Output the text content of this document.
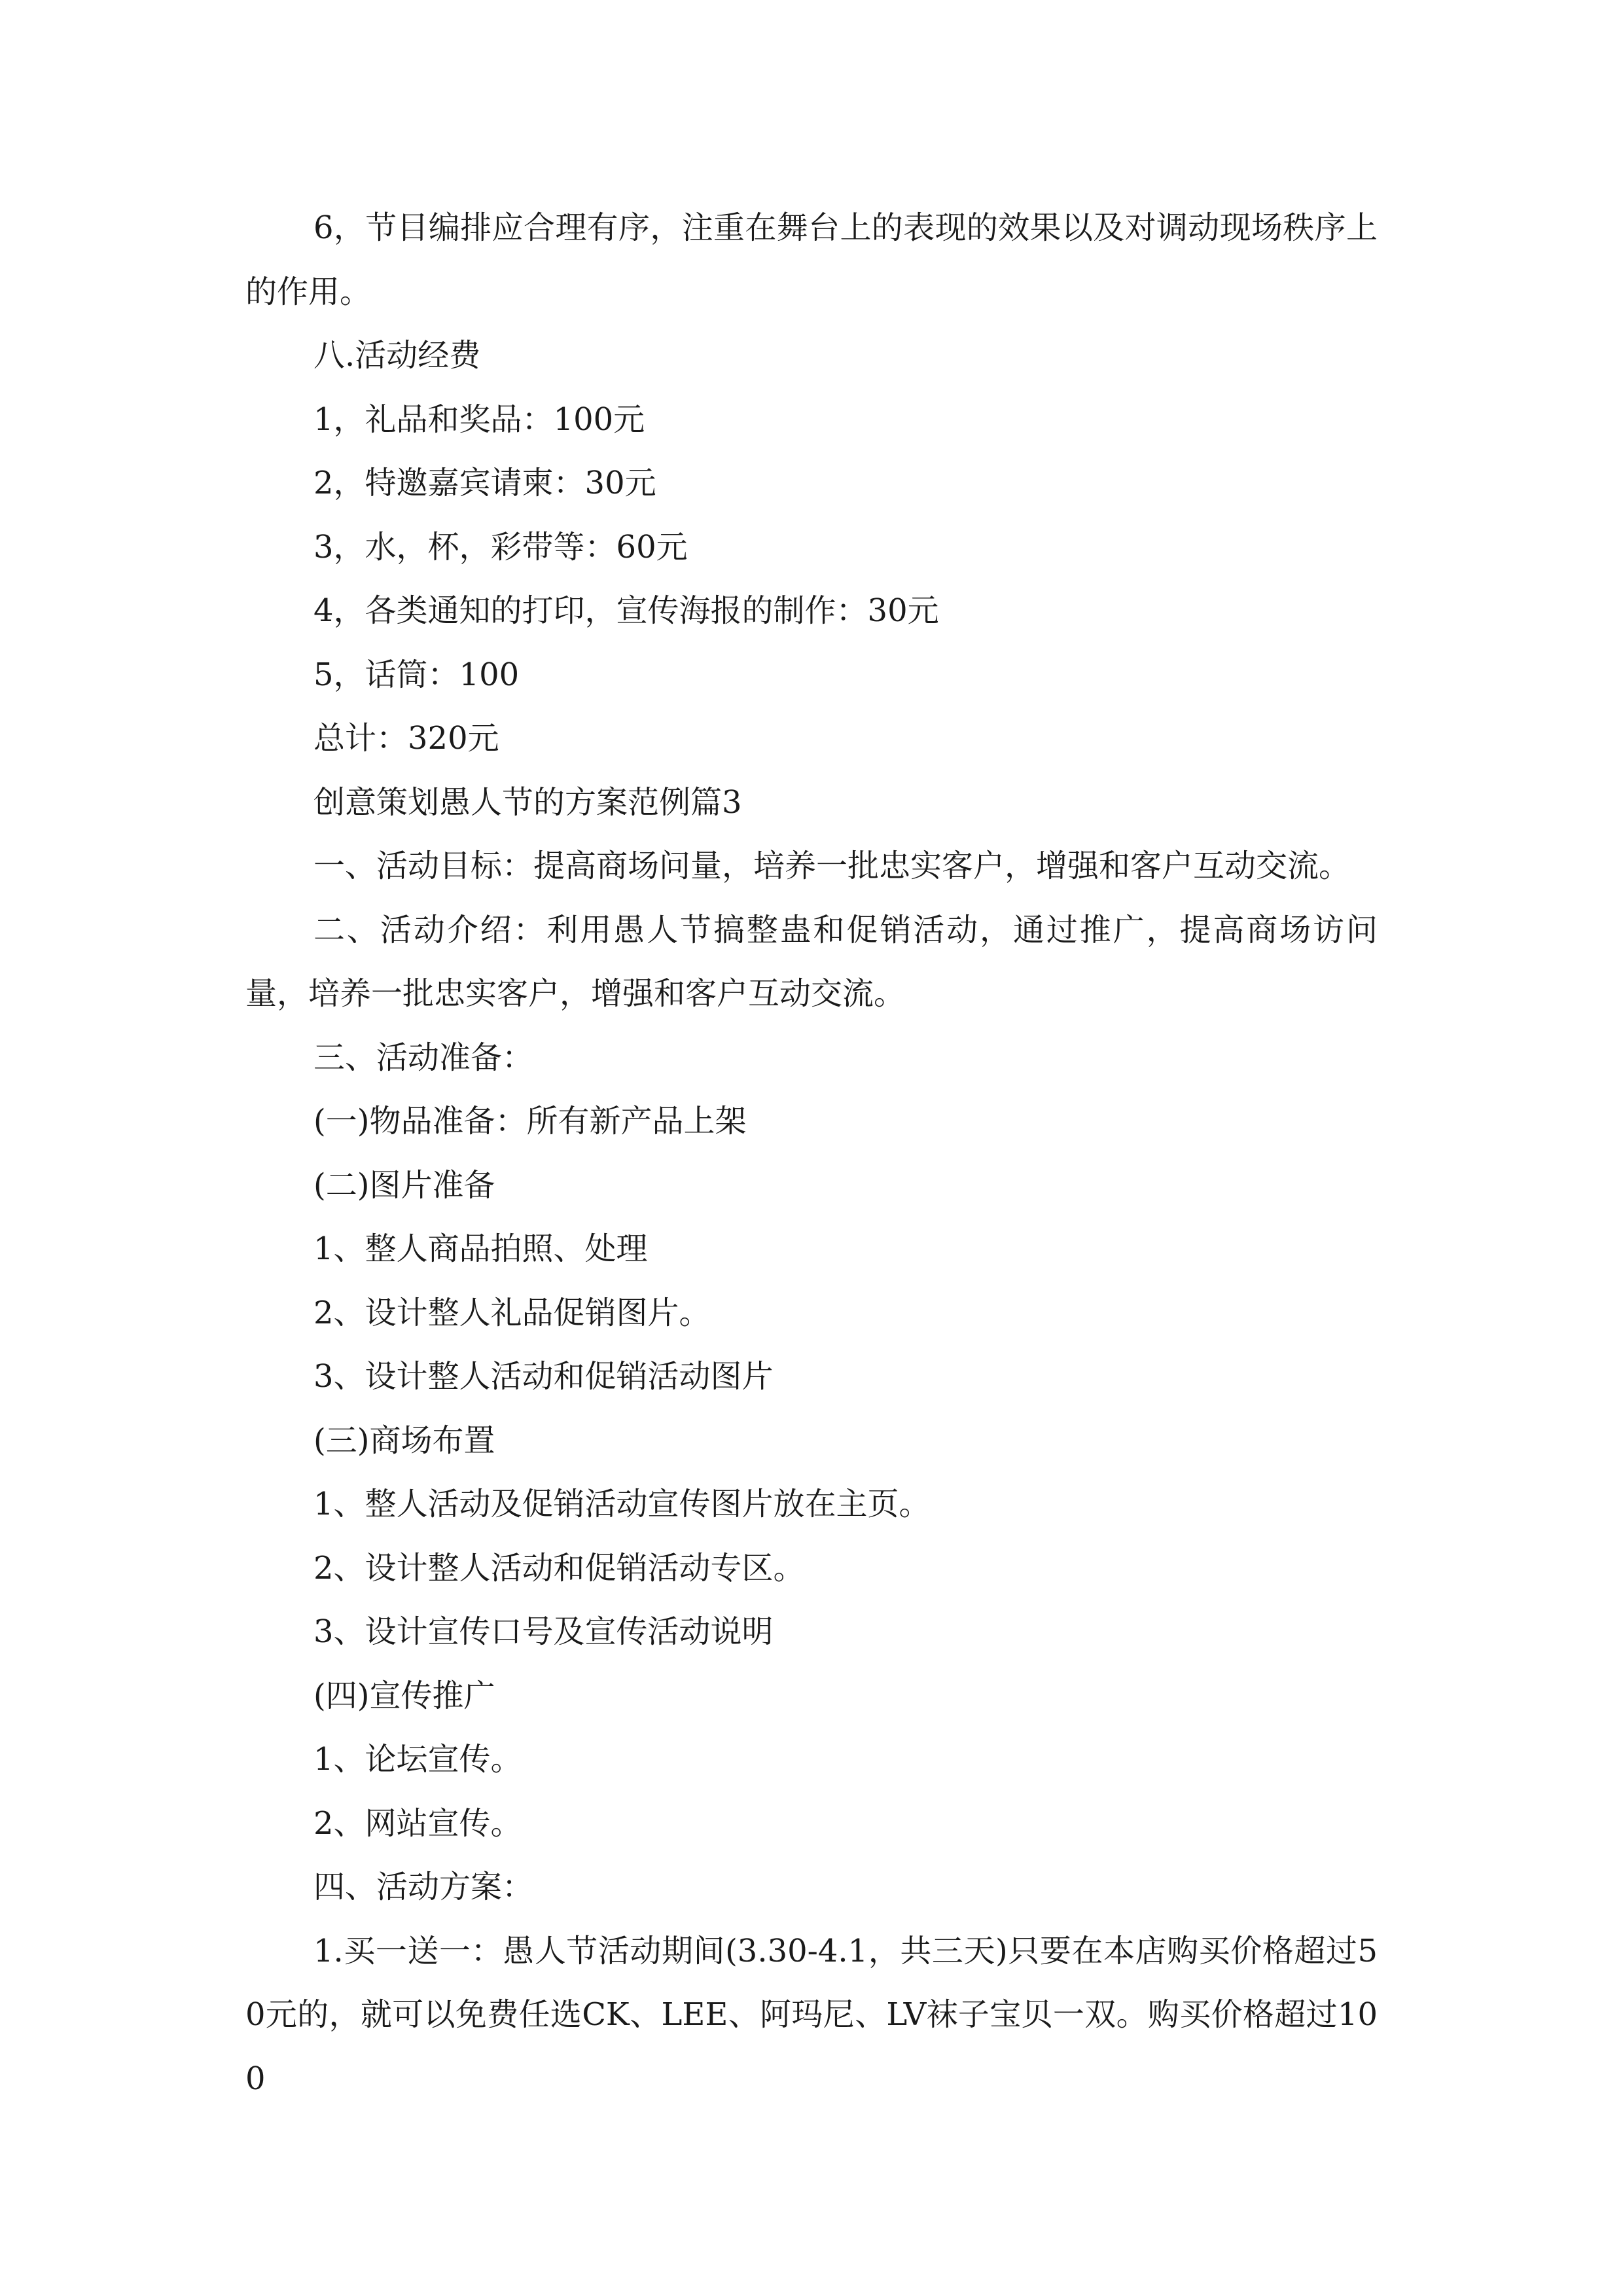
6，节目编排应合理有序，注重在舞台上的表现的效果以及对调动现场秩序上的作用。

八.活动经费

1，礼品和奖品：100元

2，特邀嘉宾请柬：30元

3，水，杯，彩带等：60元

4，各类通知的打印，宣传海报的制作：30元

5，话筒：100

总计：320元

创意策划愚人节的方案范例篇3

一、活动目标：提高商场问量，培养一批忠实客户，增强和客户互动交流。

二、活动介绍：利用愚人节搞整蛊和促销活动，通过推广，提高商场访问量，培养一批忠实客户，增强和客户互动交流。

三、活动准备：

(一)物品准备：所有新产品上架

(二)图片准备

1、整人商品拍照、处理

2、设计整人礼品促销图片。

3、设计整人活动和促销活动图片

(三)商场布置

1、整人活动及促销活动宣传图片放在主页。

2、设计整人活动和促销活动专区。

3、设计宣传口号及宣传活动说明

(四)宣传推广

1、论坛宣传。

2、网站宣传。

四、活动方案：

1.买一送一：愚人节活动期间(3.30-4.1，共三天)只要在本店购买价格超过50元的，就可以免费任选CK、LEE、阿玛尼、LV袜子宝贝一双。购买价格超过100
